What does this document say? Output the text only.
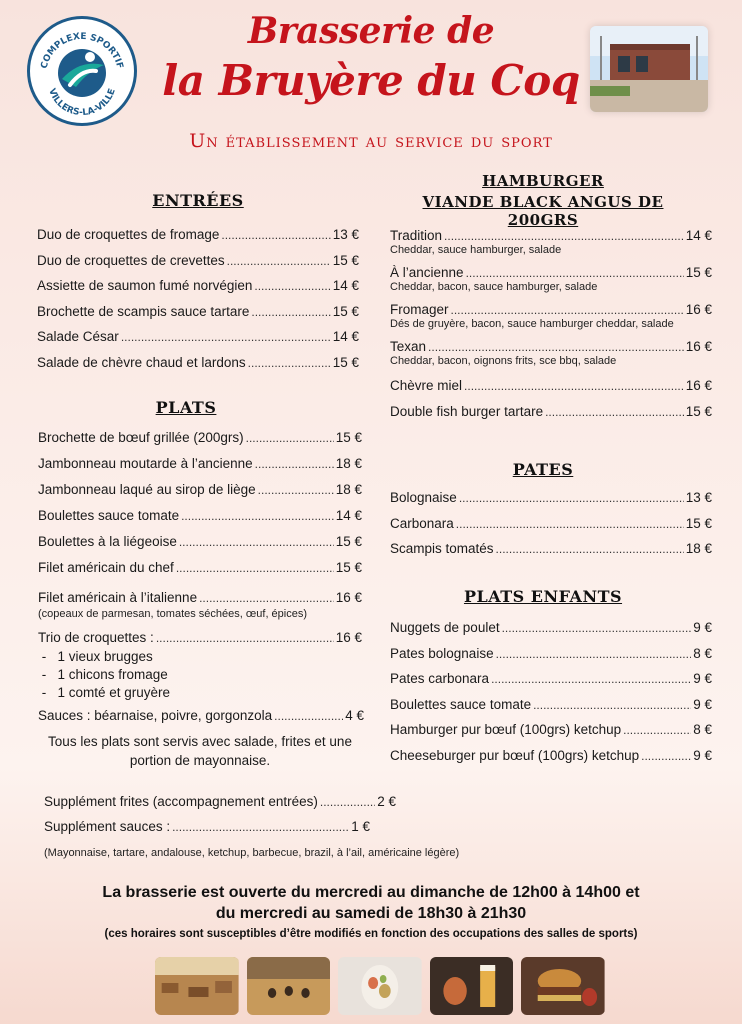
COMPLEXE SPORTIF
VILLERS-LA-VILLE
Brasserie de
la Bruyère du Coq
Un établissement au service du sport
ENTRÉES
Duo de croquettes de fromage .....	13 €
Duo de croquettes de crevettes .....	15 €
Assiette de saumon fumé norvégien .....	14 €
Brochette de scampis sauce tartare .....	15 €
Salade César .....	14 €
Salade de chèvre chaud et lardons .....	15 €
PLATS
Brochette de bœuf grillée (200grs) .....	15 €
Jambonneau moutarde à l’ancienne .....	18 €
Jambonneau laqué au sirop de liège .....	18 €
Boulettes sauce tomate .....	14 €
Boulettes à la liégeoise .....	15 €
Filet américain du chef .....	15 €
Filet américain à l’italienne .....	16 €
(copeaux de parmesan, tomates séchées, œuf, épices)
Trio de croquettes : .....	16 €
-   1 vieux brugges
-   1 chicons fromage
-   1 comté et gruyère
Sauces : béarnaise, poivre, gorgonzola .....	4 €
Tous les plats sont servis avec salade, frites et une portion de mayonnaise.
HAMBURGER
VIANDE BLACK ANGUS DE 200GRS
Tradition .....	14 €
Cheddar, sauce hamburger, salade
À l’ancienne .....	15 €
Cheddar, bacon, sauce hamburger, salade
Fromager .....	16 €
Dés de gruyère, bacon, sauce hamburger cheddar, salade
Texan .....	16 €
Cheddar, bacon, oignons frits, sce bbq, salade
Chèvre miel .....	16 €
Double fish burger tartare .....	15 €
PATES
Bolognaise .....	13 €
Carbonara .....	15 €
Scampis tomatés .....	18 €
PLATS ENFANTS
Nuggets de poulet .....	9 €
Pates bolognaise .....	8 €
Pates carbonara .....	9 €
Boulettes sauce tomate .....	9 €
Hamburger pur bœuf (100grs) ketchup .....	8 €
Cheeseburger pur bœuf (100grs) ketchup .....	9 €
Supplément frites (accompagnement entrées) .....	2 €
Supplément sauces : .....	1 €
(Mayonnaise, tartare, andalouse, ketchup, barbecue, brazil, à l’ail, américaine légère)
La brasserie est ouverte du mercredi au dimanche de 12h00 à 14h00 et
du mercredi au samedi de 18h30 à 21h30
(ces horaires sont susceptibles d’être modifiés en fonction des occupations des salles de sports)
